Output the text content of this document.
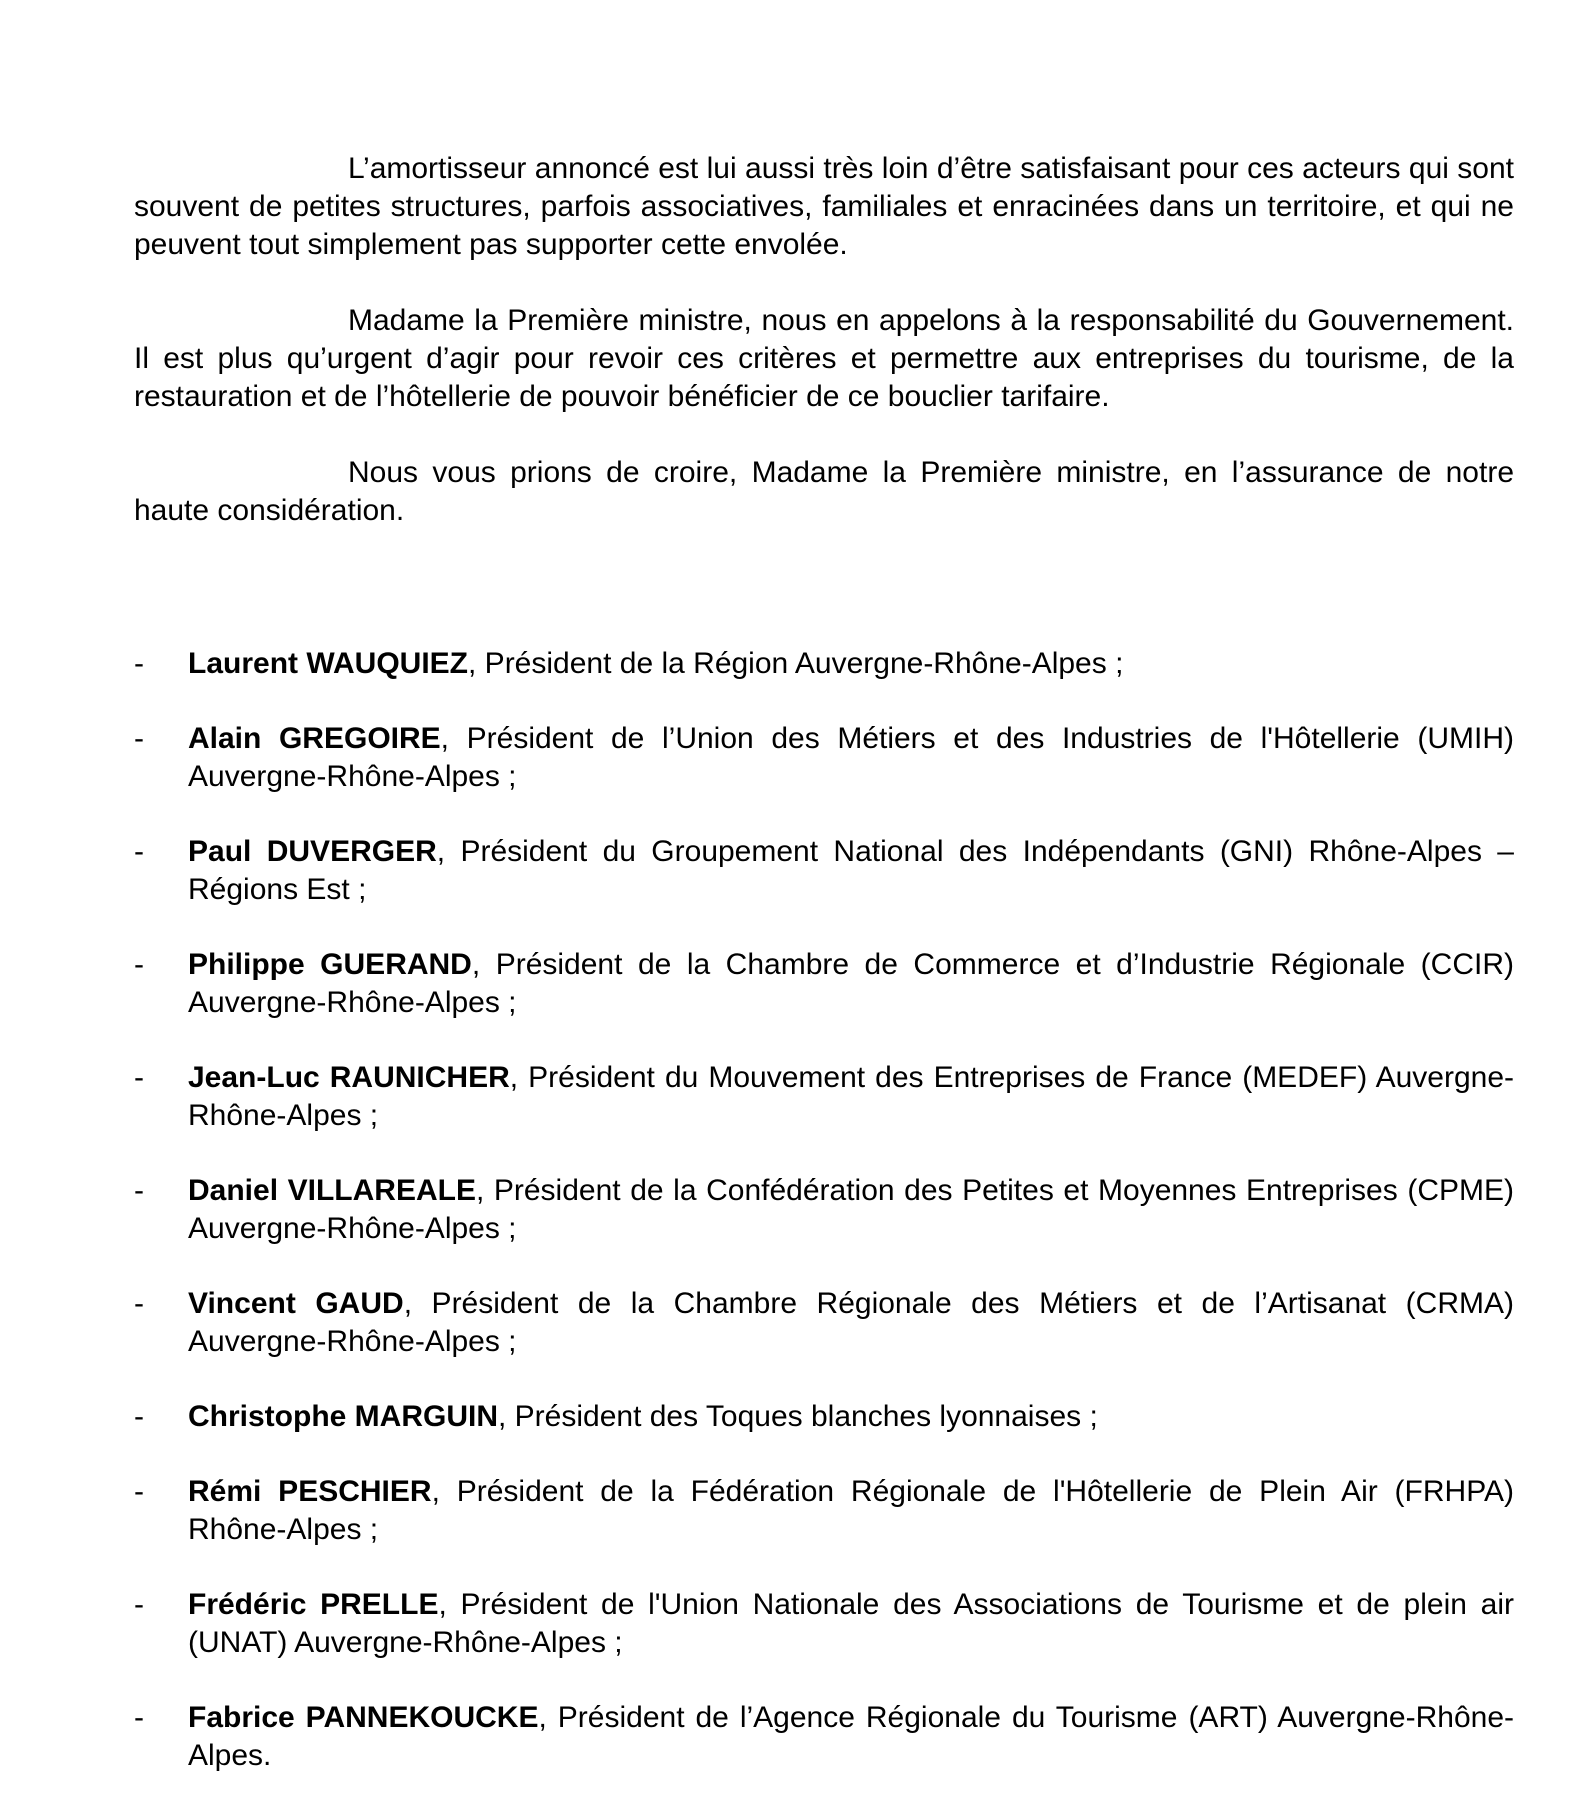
L’amortisseur annoncé est lui aussi très loin d’être satisfaisant pour ces acteurs qui sont souvent de petites structures, parfois associatives, familiales et enracinées dans un territoire, et qui ne peuvent tout simplement pas supporter cette envolée.

Madame la Première ministre, nous en appelons à la responsabilité du Gouvernement. Il est plus qu’urgent d’agir pour revoir ces critères et permettre aux entreprises du tourisme, de la restauration et de l’hôtellerie de pouvoir bénéficier de ce bouclier tarifaire.

Nous vous prions de croire, Madame la Première ministre, en l’assurance de notre haute considération.

- Laurent WAUQUIEZ, Président de la Région Auvergne-Rhône-Alpes ;
- Alain GREGOIRE, Président de l’Union des Métiers et des Industries de l'Hôtellerie (UMIH) Auvergne-Rhône-Alpes ;
- Paul DUVERGER, Président du Groupement National des Indépendants (GNI) Rhône-Alpes – Régions Est ;
- Philippe GUERAND, Président de la Chambre de Commerce et d’Industrie Régionale (CCIR) Auvergne-Rhône-Alpes ;
- Jean-Luc RAUNICHER, Président du Mouvement des Entreprises de France (MEDEF) Auvergne-Rhône-Alpes ;
- Daniel VILLAREALE, Président de la Confédération des Petites et Moyennes Entreprises (CPME) Auvergne-Rhône-Alpes ;
- Vincent GAUD, Président de la Chambre Régionale des Métiers et de l’Artisanat (CRMA) Auvergne-Rhône-Alpes ;
- Christophe MARGUIN, Président des Toques blanches lyonnaises ;
- Rémi PESCHIER, Président de la Fédération Régionale de l'Hôtellerie de Plein Air (FRHPA) Rhône-Alpes ;
- Frédéric PRELLE, Président de l'Union Nationale des Associations de Tourisme et de plein air (UNAT) Auvergne-Rhône-Alpes ;
- Fabrice PANNEKOUCKE, Président de l’Agence Régionale du Tourisme (ART) Auvergne-Rhône-Alpes.
